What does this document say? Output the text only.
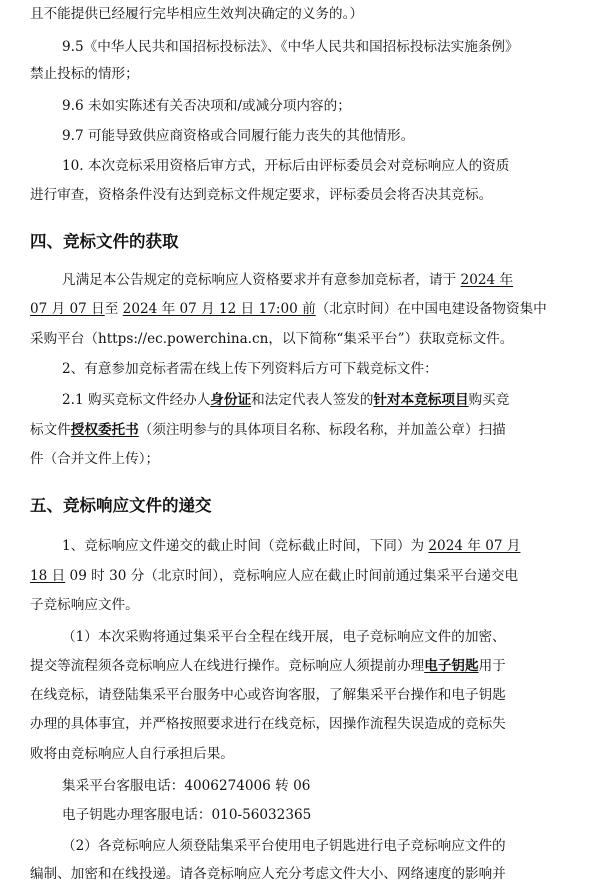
且不能提供已经履行完毕相应生效判决确定的义务的。）
9.5《中华人民共和国招标投标法》、《中华人民共和国招标投标法实施条例》
禁止投标的情形；
9.6 未如实陈述有关否决项和/或减分项内容的；
9.7 可能导致供应商资格或合同履行能力丧失的其他情形。
10. 本次竞标采用资格后审方式，开标后由评标委员会对竞标响应人的资质
进行审查，资格条件没有达到竞标文件规定要求，评标委员会将否决其竞标。
四、竞标文件的获取
凡满足本公告规定的竞标响应人资格要求并有意参加竞标者，请于 2024 年
07 月 07 日至 2024 年 07 月 12 日 17:00 前（北京时间）在中国电建设备物资集中
采购平台（https://ec.powerchina.cn，以下简称“集采平台”）获取竞标文件。
2、有意参加竞标者需在线上传下列资料后方可下载竞标文件：
2.1 购买竞标文件经办人身份证和法定代表人签发的针对本竞标项目购买竞
标文件授权委托书（须注明参与的具体项目名称、标段名称，并加盖公章）扫描
件（合并文件上传）；
五、竞标响应文件的递交
1、竞标响应文件递交的截止时间（竞标截止时间，下同）为 2024 年 07 月
18 日 09 时 30 分（北京时间），竞标响应人应在截止时间前通过集采平台递交电
子竞标响应文件。
（1）本次采购将通过集采平台全程在线开展，电子竞标响应文件的加密、
提交等流程须各竞标响应人在线进行操作。竞标响应人须提前办理电子钥匙用于
在线竞标，请登陆集采平台服务中心或咨询客服，了解集采平台操作和电子钥匙
办理的具体事宜，并严格按照要求进行在线竞标，因操作流程失误造成的竞标失
败将由竞标响应人自行承担后果。
集采平台客服电话：4006274006 转 06
电子钥匙办理客服电话：010-56032365
（2）各竞标响应人须登陆集采平台使用电子钥匙进行电子竞标响应文件的
编制、加密和在线投递。请各竞标响应人充分考虑文件大小、网络速度的影响并
